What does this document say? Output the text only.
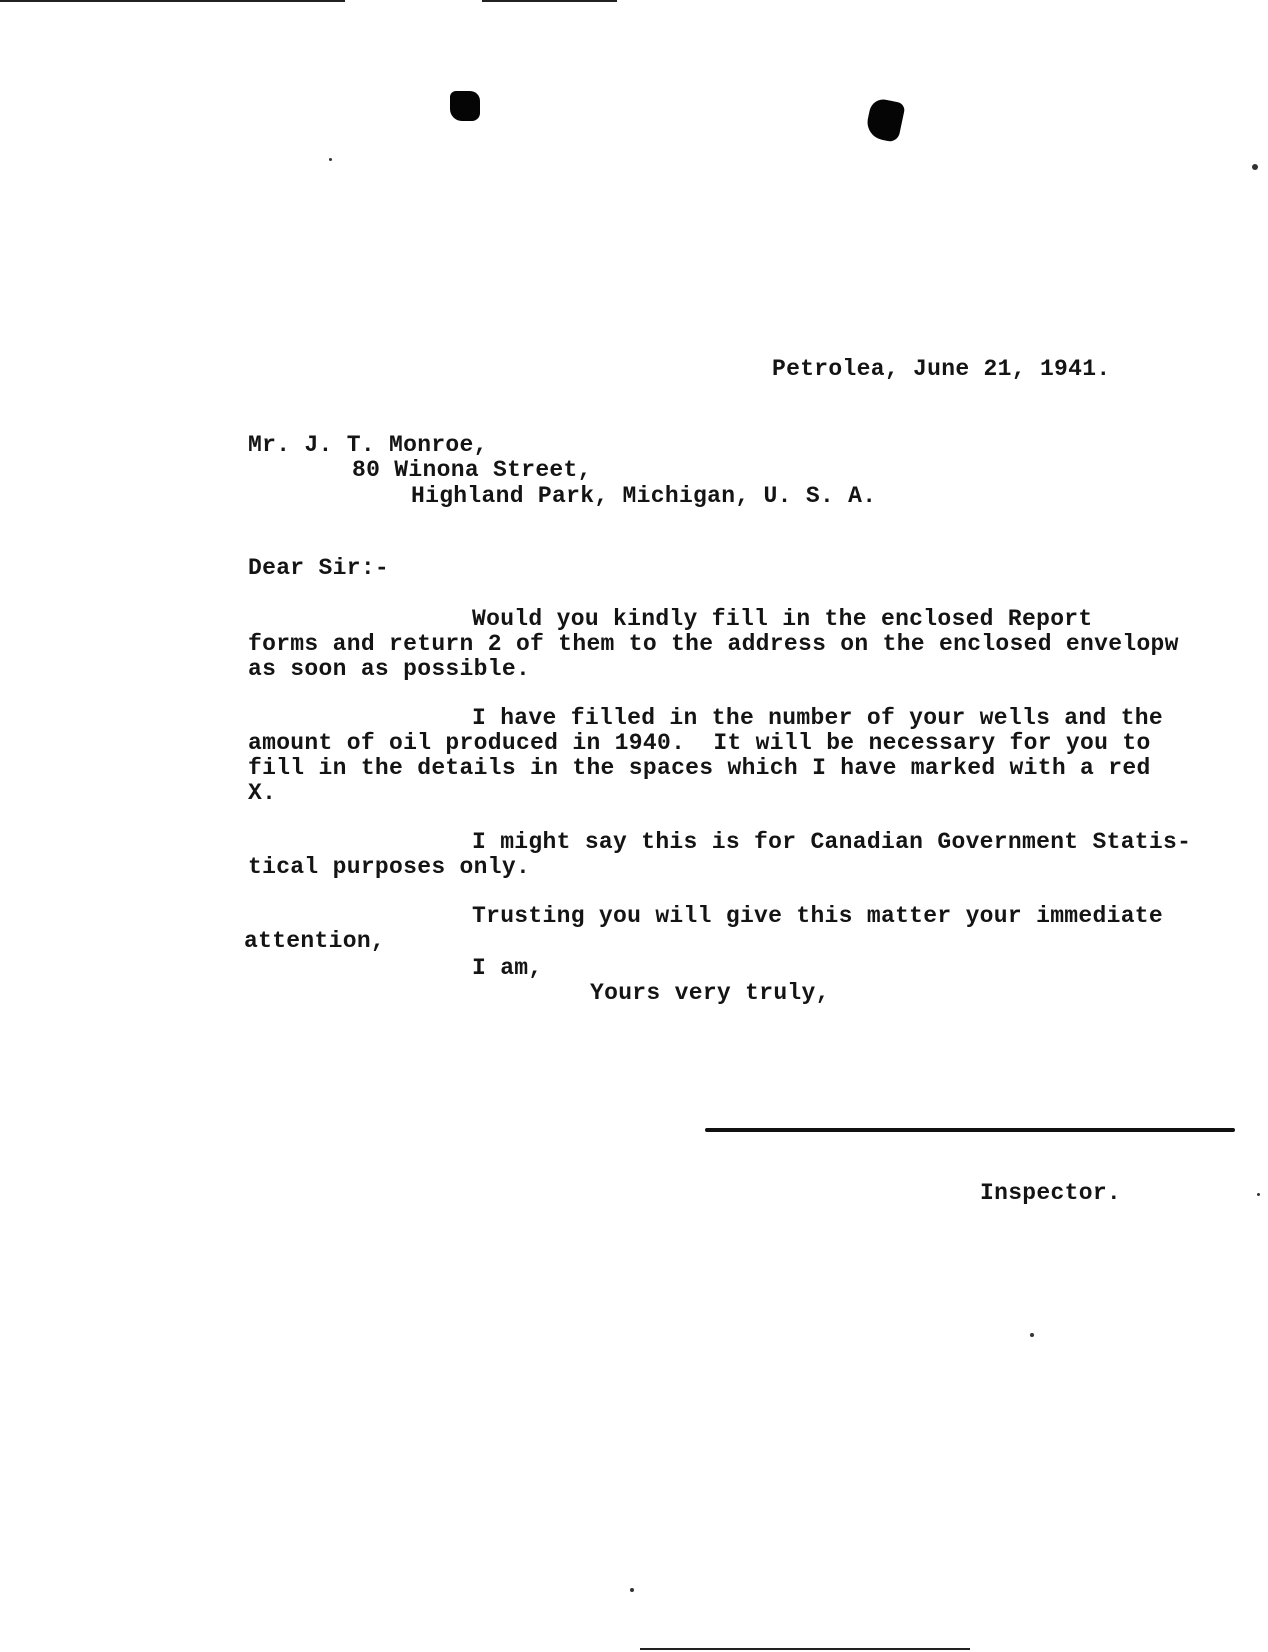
Petrolea, June 21, 1941.
Mr. J. T. Monroe,
80 Winona Street,
Highland Park, Michigan, U. S. A.
Dear Sir:-
Would you kindly fill in the enclosed Report
forms and return 2 of them to the address on the enclosed envelopw
as soon as possible.
I have filled in the number of your wells and the
amount of oil produced in 1940.  It will be necessary for you to
fill in the details in the spaces which I have marked with a red
X.
I might say this is for Canadian Government Statis-
tical purposes only.
Trusting you will give this matter your immediate
attention,
I am,
Yours very truly,
Inspector.
